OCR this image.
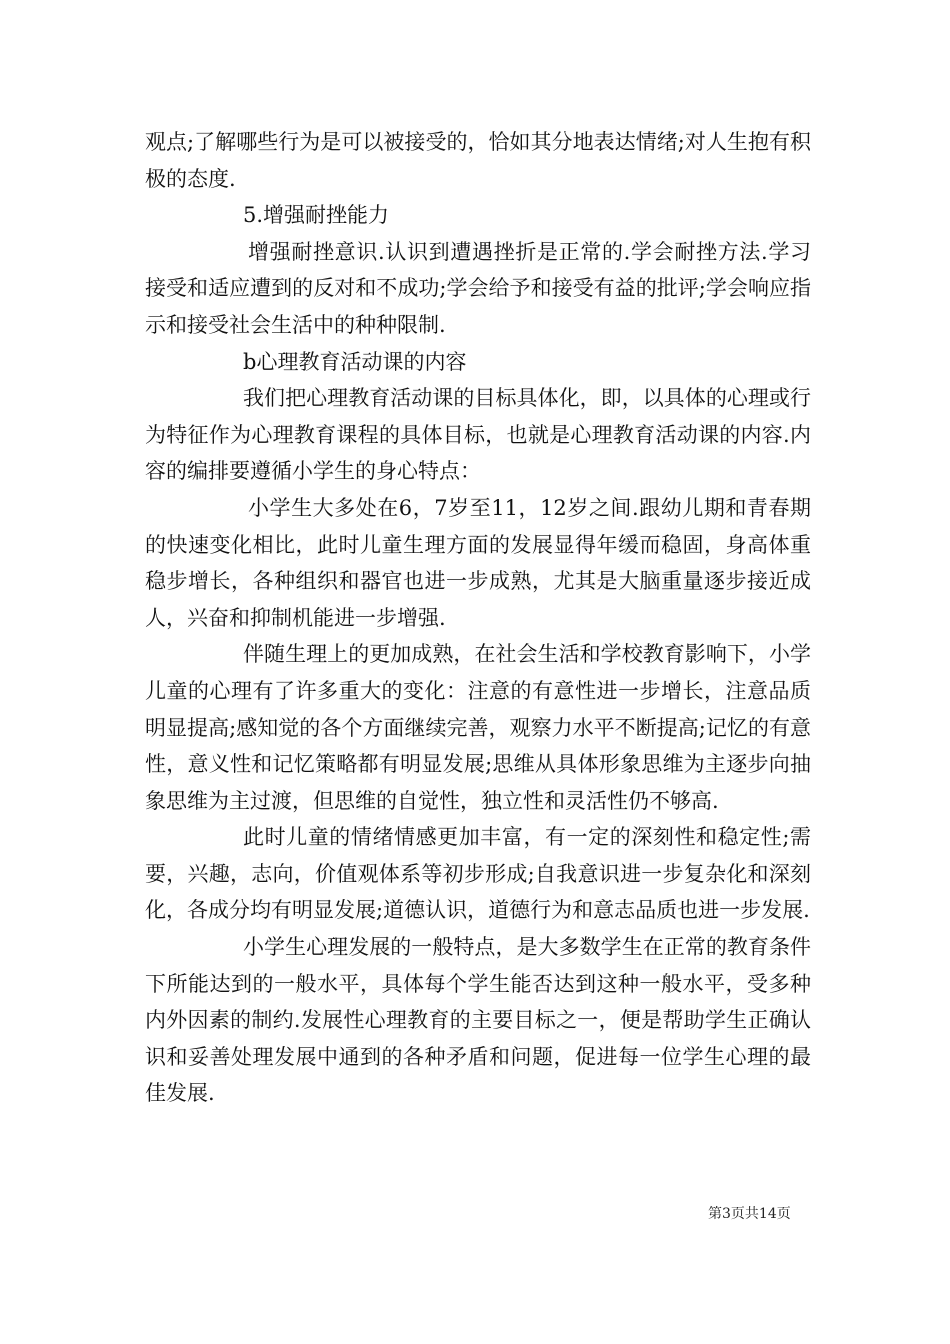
观点;了解哪些行为是可以被接受的，恰如其分地表达情绪;对人生抱有积极的态度.

5.增强耐挫能力

增强耐挫意识.认识到遭遇挫折是正常的.学会耐挫方法.学习接受和适应遭到的反对和不成功;学会给予和接受有益的批评;学会响应指示和接受社会生活中的种种限制.

b心理教育活动课的内容

我们把心理教育活动课的目标具体化，即，以具体的心理或行为特征作为心理教育课程的具体目标，也就是心理教育活动课的内容.内容的编排要遵循小学生的身心特点：

小学生大多处在6，7岁至11，12岁之间.跟幼儿期和青春期的快速变化相比，此时儿童生理方面的发展显得年缓而稳固，身高体重稳步增长，各种组织和器官也进一步成熟，尤其是大脑重量逐步接近成人，兴奋和抑制机能进一步增强.

伴随生理上的更加成熟，在社会生活和学校教育影响下，小学儿童的心理有了许多重大的变化：注意的有意性进一步增长，注意品质明显提高;感知觉的各个方面继续完善，观察力水平不断提高;记忆的有意性，意义性和记忆策略都有明显发展;思维从具体形象思维为主逐步向抽象思维为主过渡，但思维的自觉性，独立性和灵活性仍不够高.

此时儿童的情绪情感更加丰富，有一定的深刻性和稳定性;需要，兴趣，志向，价值观体系等初步形成;自我意识进一步复杂化和深刻化，各成分均有明显发展;道德认识，道德行为和意志品质也进一步发展.

小学生心理发展的一般特点，是大多数学生在正常的教育条件下所能达到的一般水平，具体每个学生能否达到这种一般水平，受多种内外因素的制约.发展性心理教育的主要目标之一，便是帮助学生正确认识和妥善处理发展中通到的各种矛盾和问题，促进每一位学生心理的最佳发展.

第3页共14页
